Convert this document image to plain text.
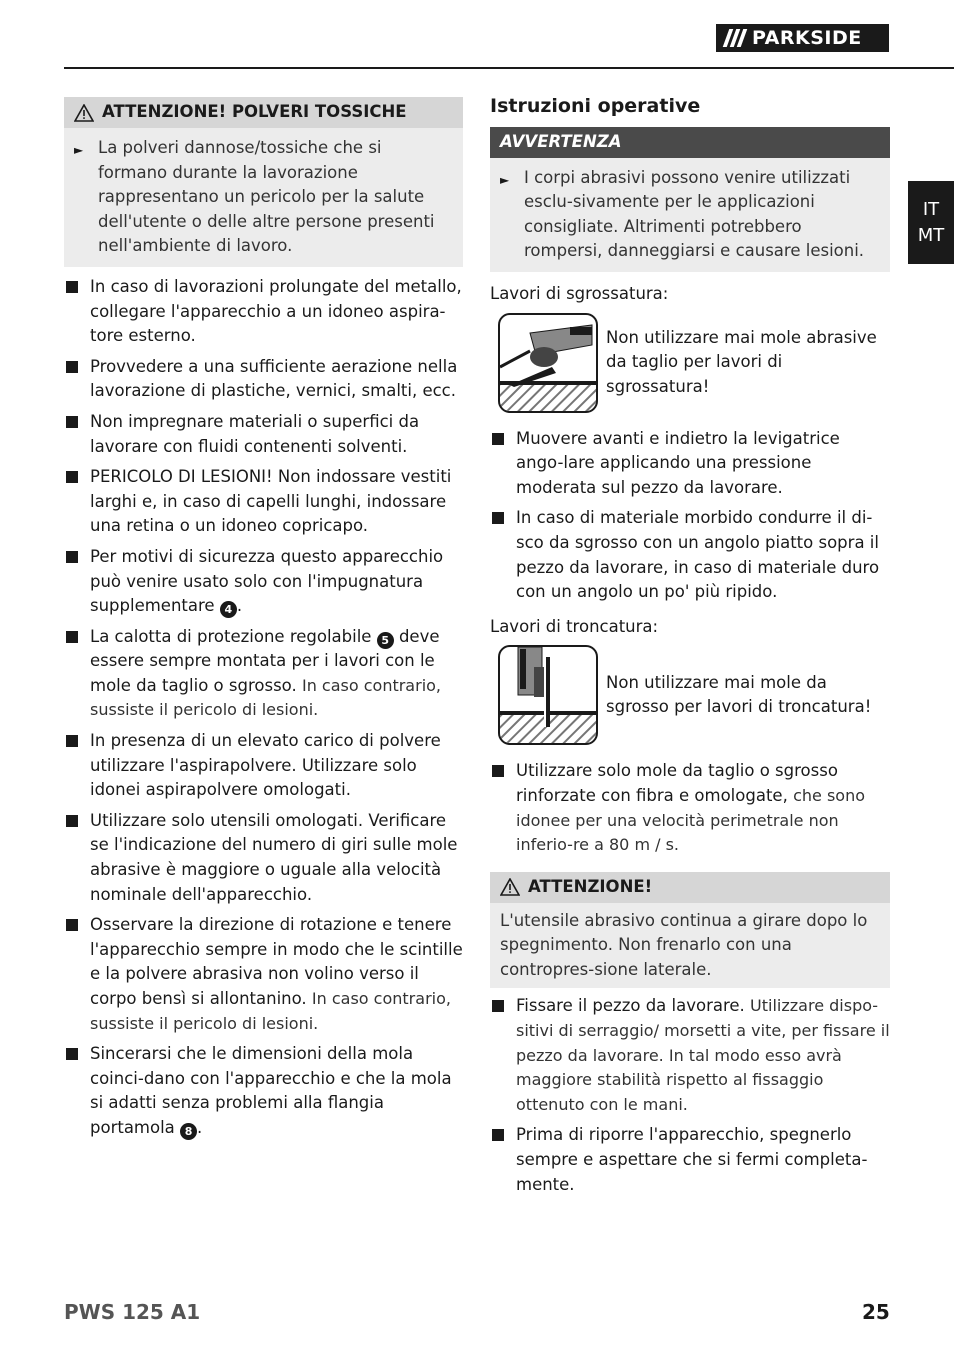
PARKSIDE
IT
MT
ATTENZIONE! POLVERI TOSSICHE
► La polveri dannose/tossiche che si formano durante la lavorazione rappresentano un pericolo per la salute dell'utente o delle altre persone presenti nell'ambiente di lavoro.
In caso di lavorazioni prolungate del metallo, collegare l'apparecchio a un idoneo aspira-tore esterno.
Provvedere a una sufficiente aerazione nella lavorazione di plastiche, vernici, smalti, ecc.
Non impregnare materiali o superfici da lavorare con fluidi contenenti solventi.
PERICOLO DI LESIONI! Non indossare vestiti larghi e, in caso di capelli lunghi, indossare una retina o un idoneo copricapo.
Per motivi di sicurezza questo apparecchio può venire usato solo con l'impugnatura supplementare 4 .
La calotta di protezione regolabile 5 deve essere sempre montata per i lavori con le mole da taglio o sgrosso. In caso contrario, sussiste il pericolo di lesioni.
In presenza di un elevato carico di polvere utilizzare l'aspirapolvere. Utilizzare solo idonei aspirapolvere omologati.
Utilizzare solo utensili omologati. Verificare se l'indicazione del numero di giri sulle mole abrasive è maggiore o uguale alla velocità nominale dell'apparecchio.
Osservare la direzione di rotazione e tenere l'apparecchio sempre in modo che le scintille e la polvere abrasiva non volino verso il corpo bensì si allontanino. In caso contrario, sussiste il pericolo di lesioni.
Sincerarsi che le dimensioni della mola coinci-dano con l'apparecchio e che la mola si adatti senza problemi alla flangia portamola 8 .
Istruzioni operative
AVVERTENZA
► I corpi abrasivi possono venire utilizzati esclu-sivamente per le applicazioni consigliate. Altrimenti potrebbero rompersi, danneggiarsi e causare lesioni.
Lavori di sgrossatura:
Non utilizzare mai mole abrasive da taglio per lavori di sgrossatura!
Muovere avanti e indietro la levigatrice ango-lare applicando una pressione moderata sul pezzo da lavorare.
In caso di materiale morbido condurre il di-sco da sgrosso con un angolo piatto sopra il pezzo da lavorare, in caso di materiale duro con un angolo un po' più ripido.
Lavori di troncatura:
Non utilizzare mai mole da sgrosso per lavori di troncatura!
Utilizzare solo mole da taglio o sgrosso rinforzate con fibra e omologate, che sono idonee per una velocità perimetrale non inferio-re a 80 m / s.
ATTENZIONE!
L'utensile abrasivo continua a girare dopo lo spegnimento. Non frenarlo con una contropres-sione laterale.
Fissare il pezzo da lavorare. Utilizzare dispo-sitivi di serraggio/ morsetti a vite, per fissare il pezzo da lavorare. In tal modo esso avrà maggiore stabilità rispetto al fissaggio ottenuto con le mani.
Prima di riporre l'apparecchio, spegnerlo sempre e aspettare che si fermi completa-mente.
PWS 125 A1	25
